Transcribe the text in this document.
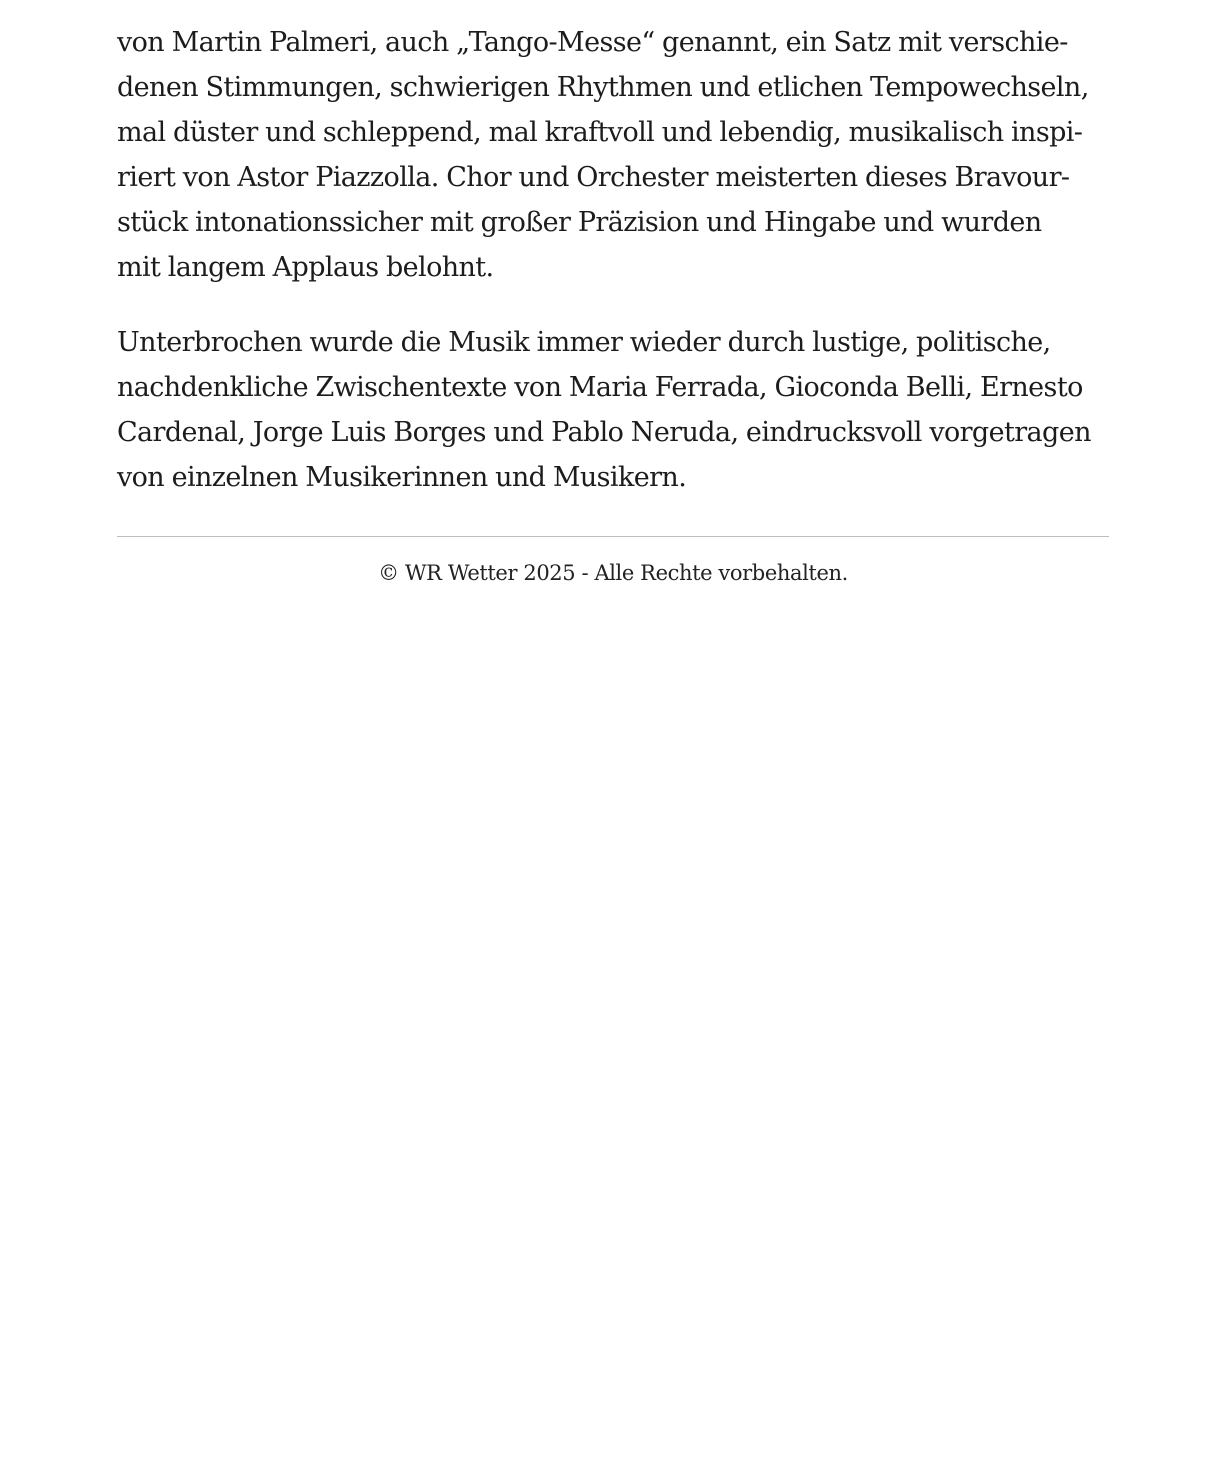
von Martin Palmeri, auch „Tango-Messe“ genannt, ein Satz mit verschie-
denen Stimmungen, schwierigen Rhythmen und etlichen Tempowechseln,
mal düster und schleppend, mal kraftvoll und lebendig, musikalisch inspi-
riert von Astor Piazzolla. Chor und Orchester meisterten dieses Bravour-
stück intonationssicher mit großer Präzision und Hingabe und wurden
mit langem Applaus belohnt.

Unterbrochen wurde die Musik immer wieder durch lustige, politische,
nachdenkliche Zwischentexte von Maria Ferrada, Gioconda Belli, Ernesto
Cardenal, Jorge Luis Borges und Pablo Neruda, eindrucksvoll vorgetragen
von einzelnen Musikerinnen und Musikern.

© WR Wetter 2025 - Alle Rechte vorbehalten.
